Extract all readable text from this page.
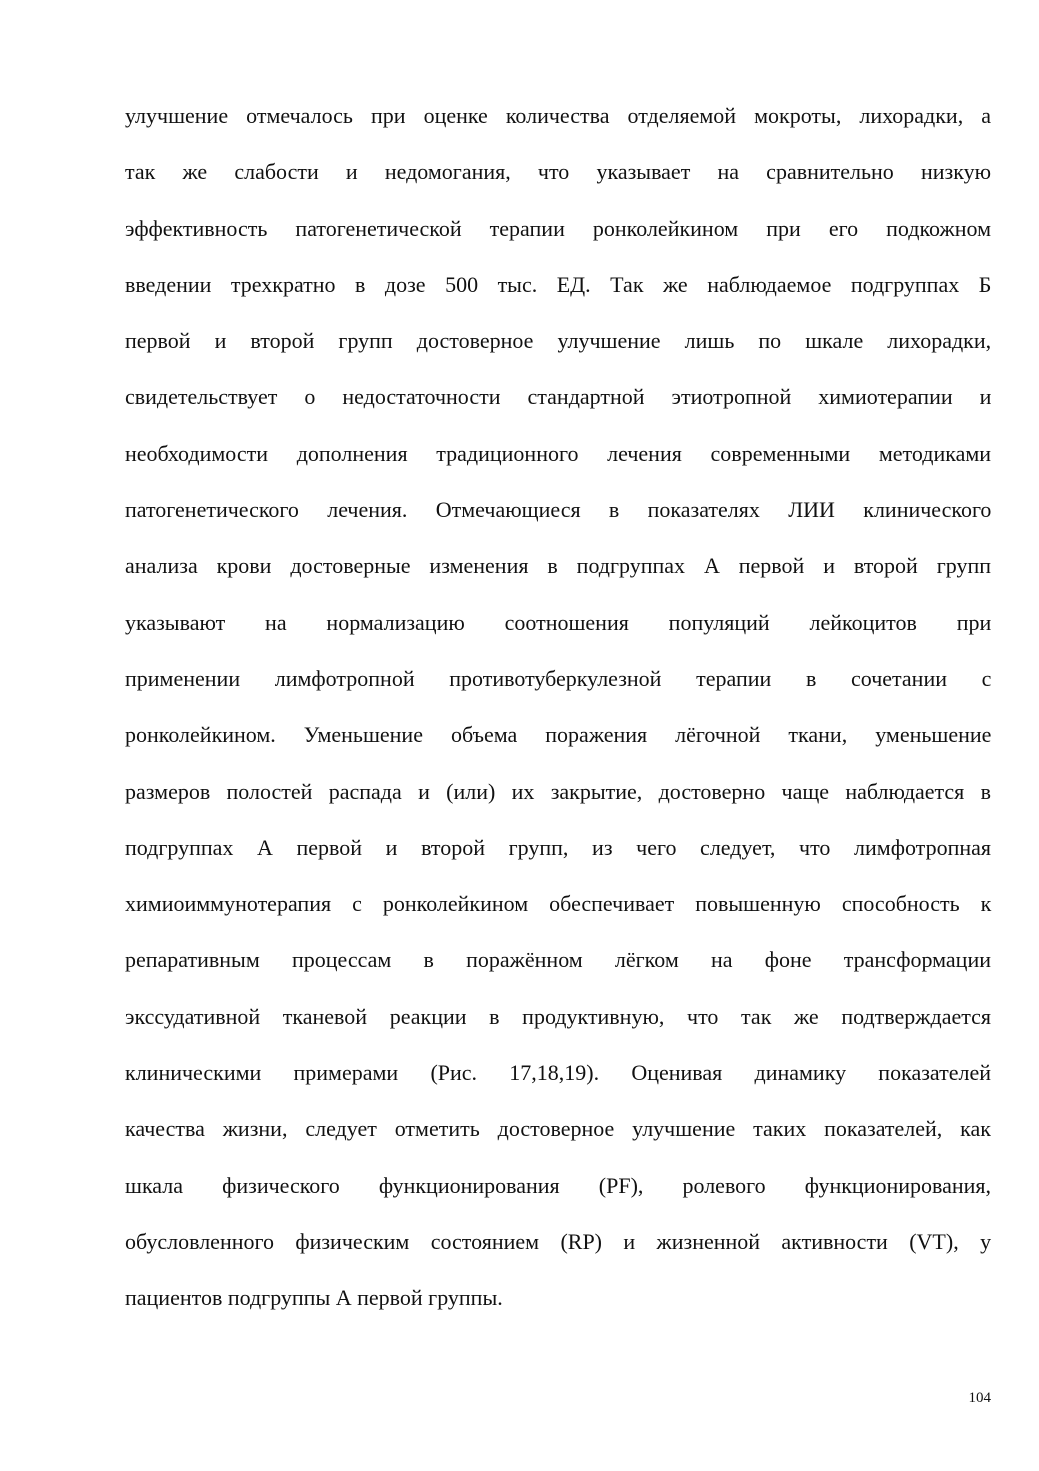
улучшение отмечалось при оценке количества отделяемой мокроты, лихорадки, а
так же слабости и недомогания, что указывает на сравнительно низкую
эффективность патогенетической терапии ронколейкином при его подкожном
введении трехкратно в дозе 500 тыс. ЕД. Так же наблюдаемое подгруппах Б
первой и второй групп достоверное улучшение лишь по шкале лихорадки,
свидетельствует о недостаточности стандартной этиотропной химиотерапии и
необходимости дополнения традиционного лечения современными методиками
патогенетического лечения. Отмечающиеся в показателях ЛИИ клинического
анализа крови достоверные изменения в подгруппах А первой и второй групп
указывают на нормализацию соотношения популяций лейкоцитов при
применении лимфотропной противотуберкулезной терапии в сочетании с
ронколейкином. Уменьшение объема поражения лёгочной ткани, уменьшение
размеров полостей распада и (или) их закрытие, достоверно чаще наблюдается в
подгруппах А первой и второй групп, из чего следует, что лимфотропная
химиоиммунотерапия с ронколейкином обеспечивает повышенную способность к
репаративным процессам в поражённом лёгком на фоне трансформации
экссудативной тканевой реакции в продуктивную, что так же подтверждается
клиническими примерами (Рис. 17,18,19). Оценивая динамику показателей
качества жизни, следует отметить достоверное улучшение таких показателей, как
шкала физического функционирования (PF), ролевого функционирования,
обусловленного физическим состоянием (RP) и жизненной активности (VT), у
пациентов подгруппы А первой группы.
104
